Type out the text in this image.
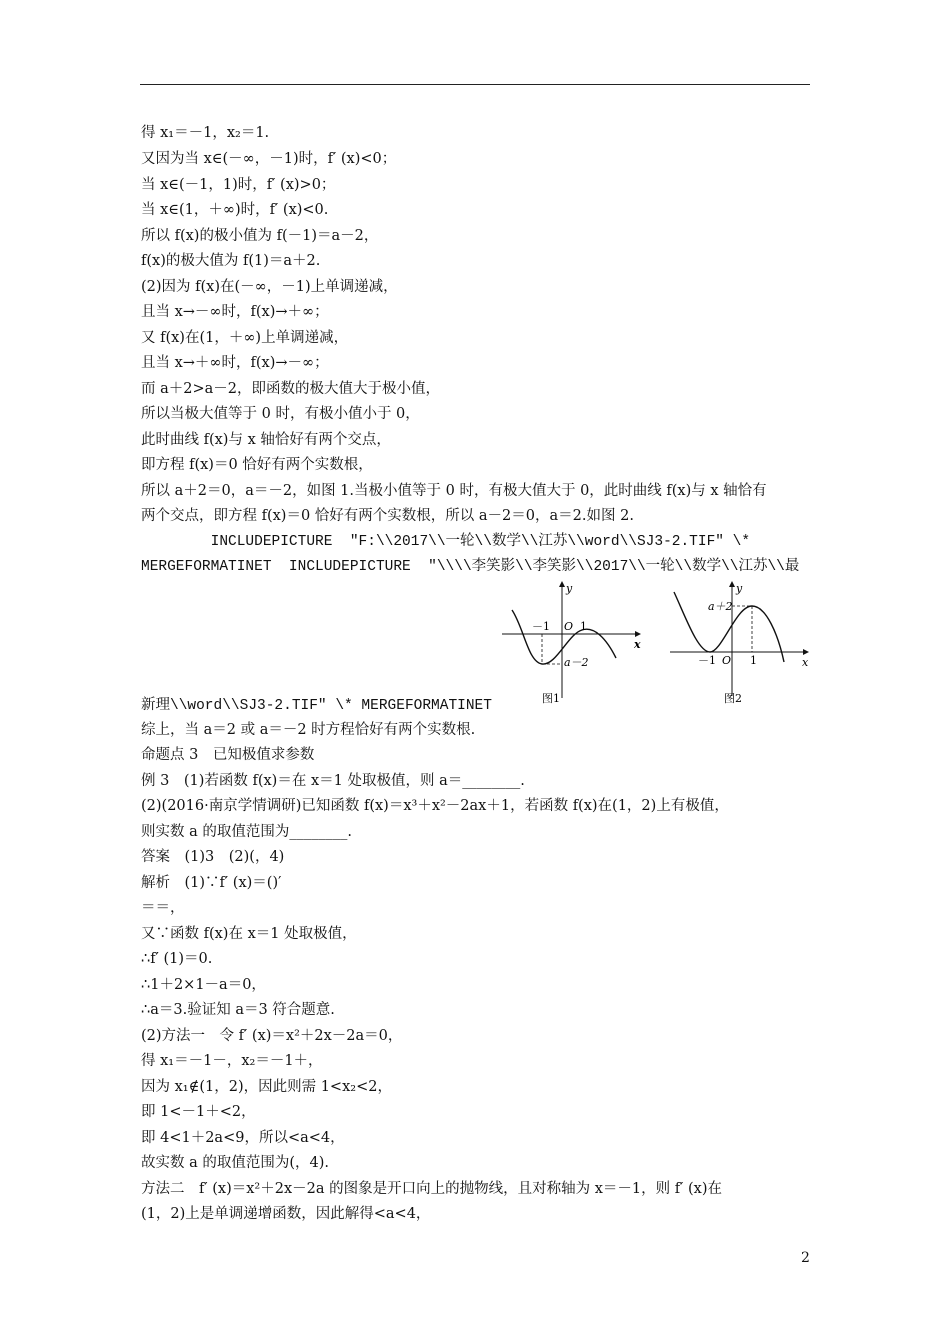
得 x₁＝－1，x₂＝1.
又因为当 x∈(－∞，－1)时，f′ (x)<0；
当 x∈(－1，1)时，f′ (x)>0；
当 x∈(1，＋∞)时，f′ (x)<0.
所以 f(x)的极小值为 f(－1)＝a－2，
f(x)的极大值为 f(1)＝a＋2.
(2)因为 f(x)在(－∞，－1)上单调递减，
且当 x→－∞时，f(x)→＋∞；
又 f(x)在(1，＋∞)上单调递减，
且当 x→＋∞时，f(x)→－∞；
而 a＋2>a－2，即函数的极大值大于极小值，
所以当极大值等于 0 时，有极小值小于 0，
此时曲线 f(x)与 x 轴恰好有两个交点，
即方程 f(x)＝0 恰好有两个实数根，
所以 a＋2＝0，a＝－2，如图 1.当极小值等于 0 时，有极大值大于 0，此时曲线 f(x)与 x 轴恰有
两个交点，即方程 f(x)＝0 恰好有两个实数根，所以 a－2＝0，a＝2.如图 2.
INCLUDEPICTURE  "F:\\2017\\一轮\\数学\\江苏\\word\\SJ3-2.TIF" \*
MERGEFORMATINET  INCLUDEPICTURE  "\\\\李笑影\\李笑影\\2017\\一轮\\数学\\江苏\\最
新理\\word\\SJ3-2.TIF" \* MERGEFORMATINET
综上，当 a＝2 或 a＝－2 时方程恰好有两个实数根.
命题点 3　已知极值求参数
例 3　(1)若函数 f(x)＝在 x＝1 处取极值，则 a＝________.
(2)(2016·南京学情调研)已知函数 f(x)＝x³＋x²－2ax＋1，若函数 f(x)在(1，2)上有极值，
则实数 a 的取值范围为________.
答案　(1)3　(2)(，4)
解析　(1)∵f′ (x)＝()′
＝＝，
又∵函数 f(x)在 x＝1 处取极值，
∴f′ (1)＝0.
∴1＋2×1－a＝0，
∴a＝3.验证知 a＝3 符合题意.
(2)方法一　令 f′ (x)＝x²＋2x－2a＝0，
得 x₁＝－1－，x₂＝－1＋，
因为 x₁∉(1，2)，因此则需 1<x₂<2，
即 1<－1＋<2，
即 4<1＋2a<9，所以<a<4，
故实数 a 的取值范围为(，4).
方法二　f′ (x)＝x²＋2x－2a 的图象是开口向上的抛物线，且对称轴为 x＝－1，则 f′ (x)在
(1，2)上是单调递增函数，因此解得<a<4，
y
x
－1 O 1
a－2
图1
y
x
－1 O 1
a＋2
图2
2
